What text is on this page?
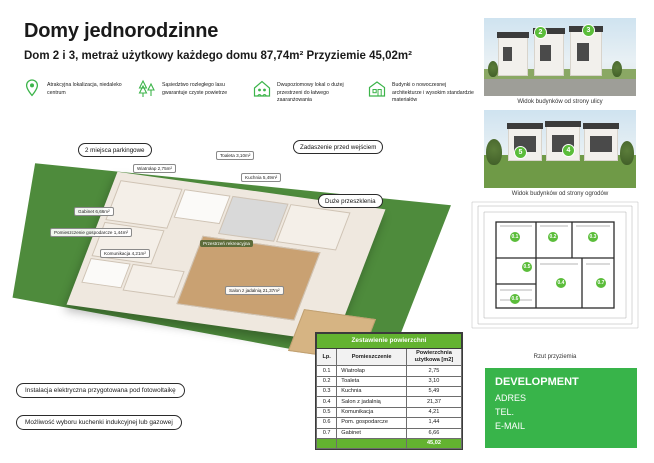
Domy jednorodzinne
Dom 2 i 3, metraż użytkowy każdego domu 87,74m² Przyziemie 45,02m²
Atrakcyjna lokalizacja, niedaleko centrum
Sąsiedztwo rozległego lasu gwarantuje czyste powietrze
Dwupoziomowy lokal o dużej przestrzeni do łatwego zaaranżowania
Budynki o nowoczesnej architekturze i wysokim standardzie materiałów
2	3
Widok budynków od strony ulicy
5	4
Widok budynków od strony ogrodów
2 miejsca parkingowe	Zadaszenie przed wejściem
Duże przeszklenia
Wiatrołap 2,75m²
Toaleta 3,10m²
Kuchnia 5,49m²
Gabinet 6,66m²
Pomieszczenie gospodarcze 1,44m²
Komunikacja 4,21m²
Salon z jadalnią 21,37m²
Przestrzeń rekreacyjna
Instalacja elektryczna przygotowana pod fotowoltaikę
Możliwość wyboru kuchenki indukcyjnej lub gazowej
Zestawienie powierzchni		
Lp.	Pomieszczenie	Powierzchnia użytkowa [m2]
0.1	Wiatrołap	2,75
0.2	Toaleta	3,10
0.3	Kuchnia	5,49
0.4	Salon z jadalnią	21,37
0.5	Komunikacja	4,21
0.6	Pom. gospodarcze	1,44
0.7	Gabinet	6,66
		45,02
0.1	0.2	0.3
0.4
0.5
0.6
0.7
Rzut przyziemia
DEVELOPMENT
ADRES
TEL.
E-MAIL
